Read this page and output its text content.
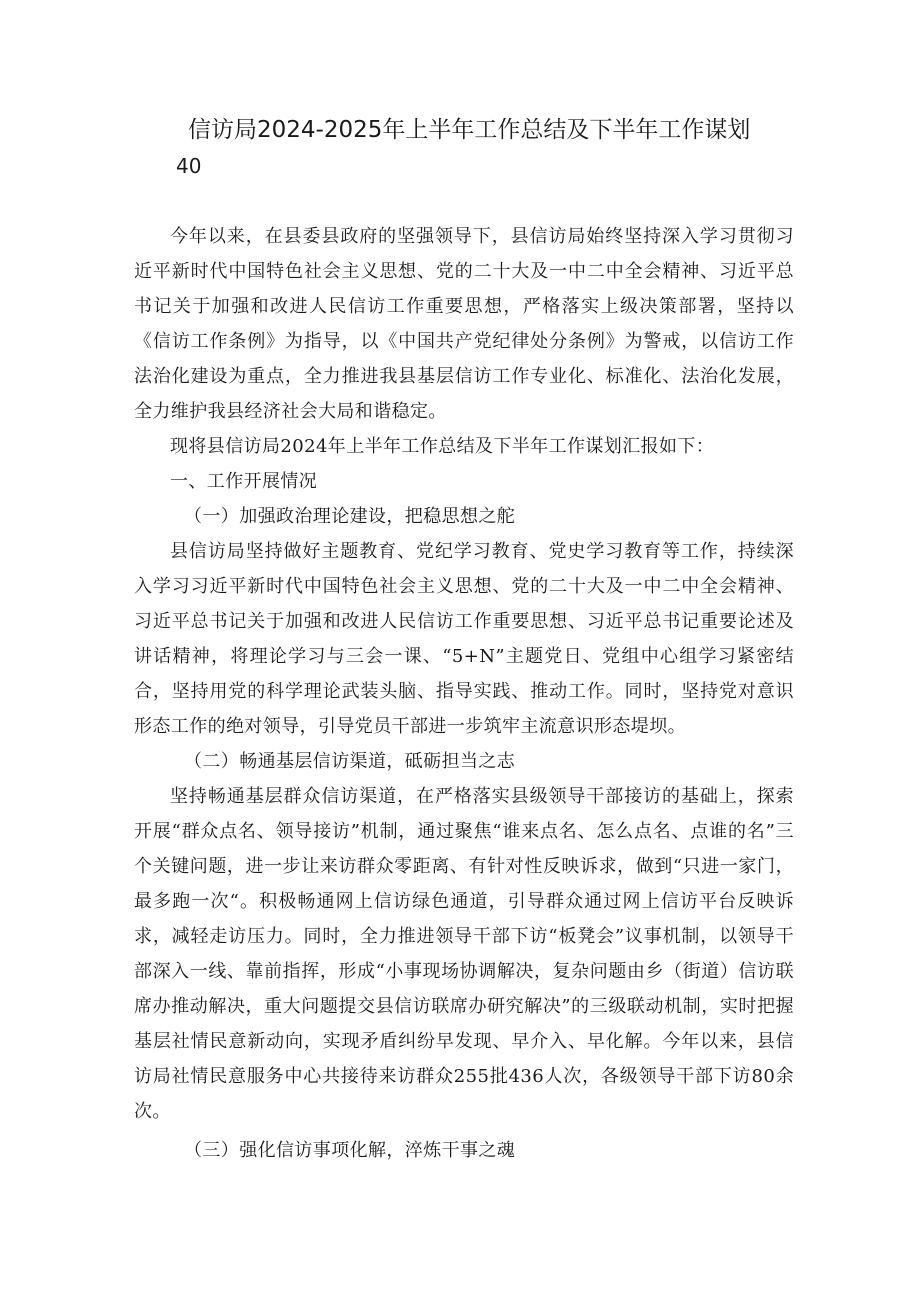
信访局2024-2025年上半年工作总结及下半年工作谋划
40

今年以来，在县委县政府的坚强领导下，县信访局始终坚持深入学习贯彻习近平新时代中国特色社会主义思想、党的二十大及一中二中全会精神、习近平总书记关于加强和改进人民信访工作重要思想，严格落实上级决策部署，坚持以《信访工作条例》为指导，以《中国共产党纪律处分条例》为警戒，以信访工作法治化建设为重点，全力推进我县基层信访工作专业化、标准化、法治化发展，全力维护我县经济社会大局和谐稳定。

现将县信访局2024年上半年工作总结及下半年工作谋划汇报如下：

一、工作开展情况

（一）加强政治理论建设，把稳思想之舵

县信访局坚持做好主题教育、党纪学习教育、党史学习教育等工作，持续深入学习习近平新时代中国特色社会主义思想、党的二十大及一中二中全会精神、习近平总书记关于加强和改进人民信访工作重要思想、习近平总书记重要论述及讲话精神，将理论学习与三会一课、“5+N”主题党日、党组中心组学习紧密结合，坚持用党的科学理论武装头脑、指导实践、推动工作。同时，坚持党对意识形态工作的绝对领导，引导党员干部进一步筑牢主流意识形态堤坝。

（二）畅通基层信访渠道，砥砺担当之志

坚持畅通基层群众信访渠道，在严格落实县级领导干部接访的基础上，探索开展“群众点名、领导接访”机制，通过聚焦“谁来点名、怎么点名、点谁的名”三个关键问题，进一步让来访群众零距离、有针对性反映诉求，做到“只进一家门，最多跑一次“。积极畅通网上信访绿色通道，引导群众通过网上信访平台反映诉求，减轻走访压力。同时，全力推进领导干部下访“板凳会”议事机制，以领导干部深入一线、靠前指挥，形成“小事现场协调解决，复杂问题由乡（街道）信访联席办推动解决，重大问题提交县信访联席办研究解决”的三级联动机制，实时把握基层社情民意新动向，实现矛盾纠纷早发现、早介入、早化解。今年以来，县信访局社情民意服务中心共接待来访群众255批436人次，各级领导干部下访80余次。

（三）强化信访事项化解，淬炼干事之魂
